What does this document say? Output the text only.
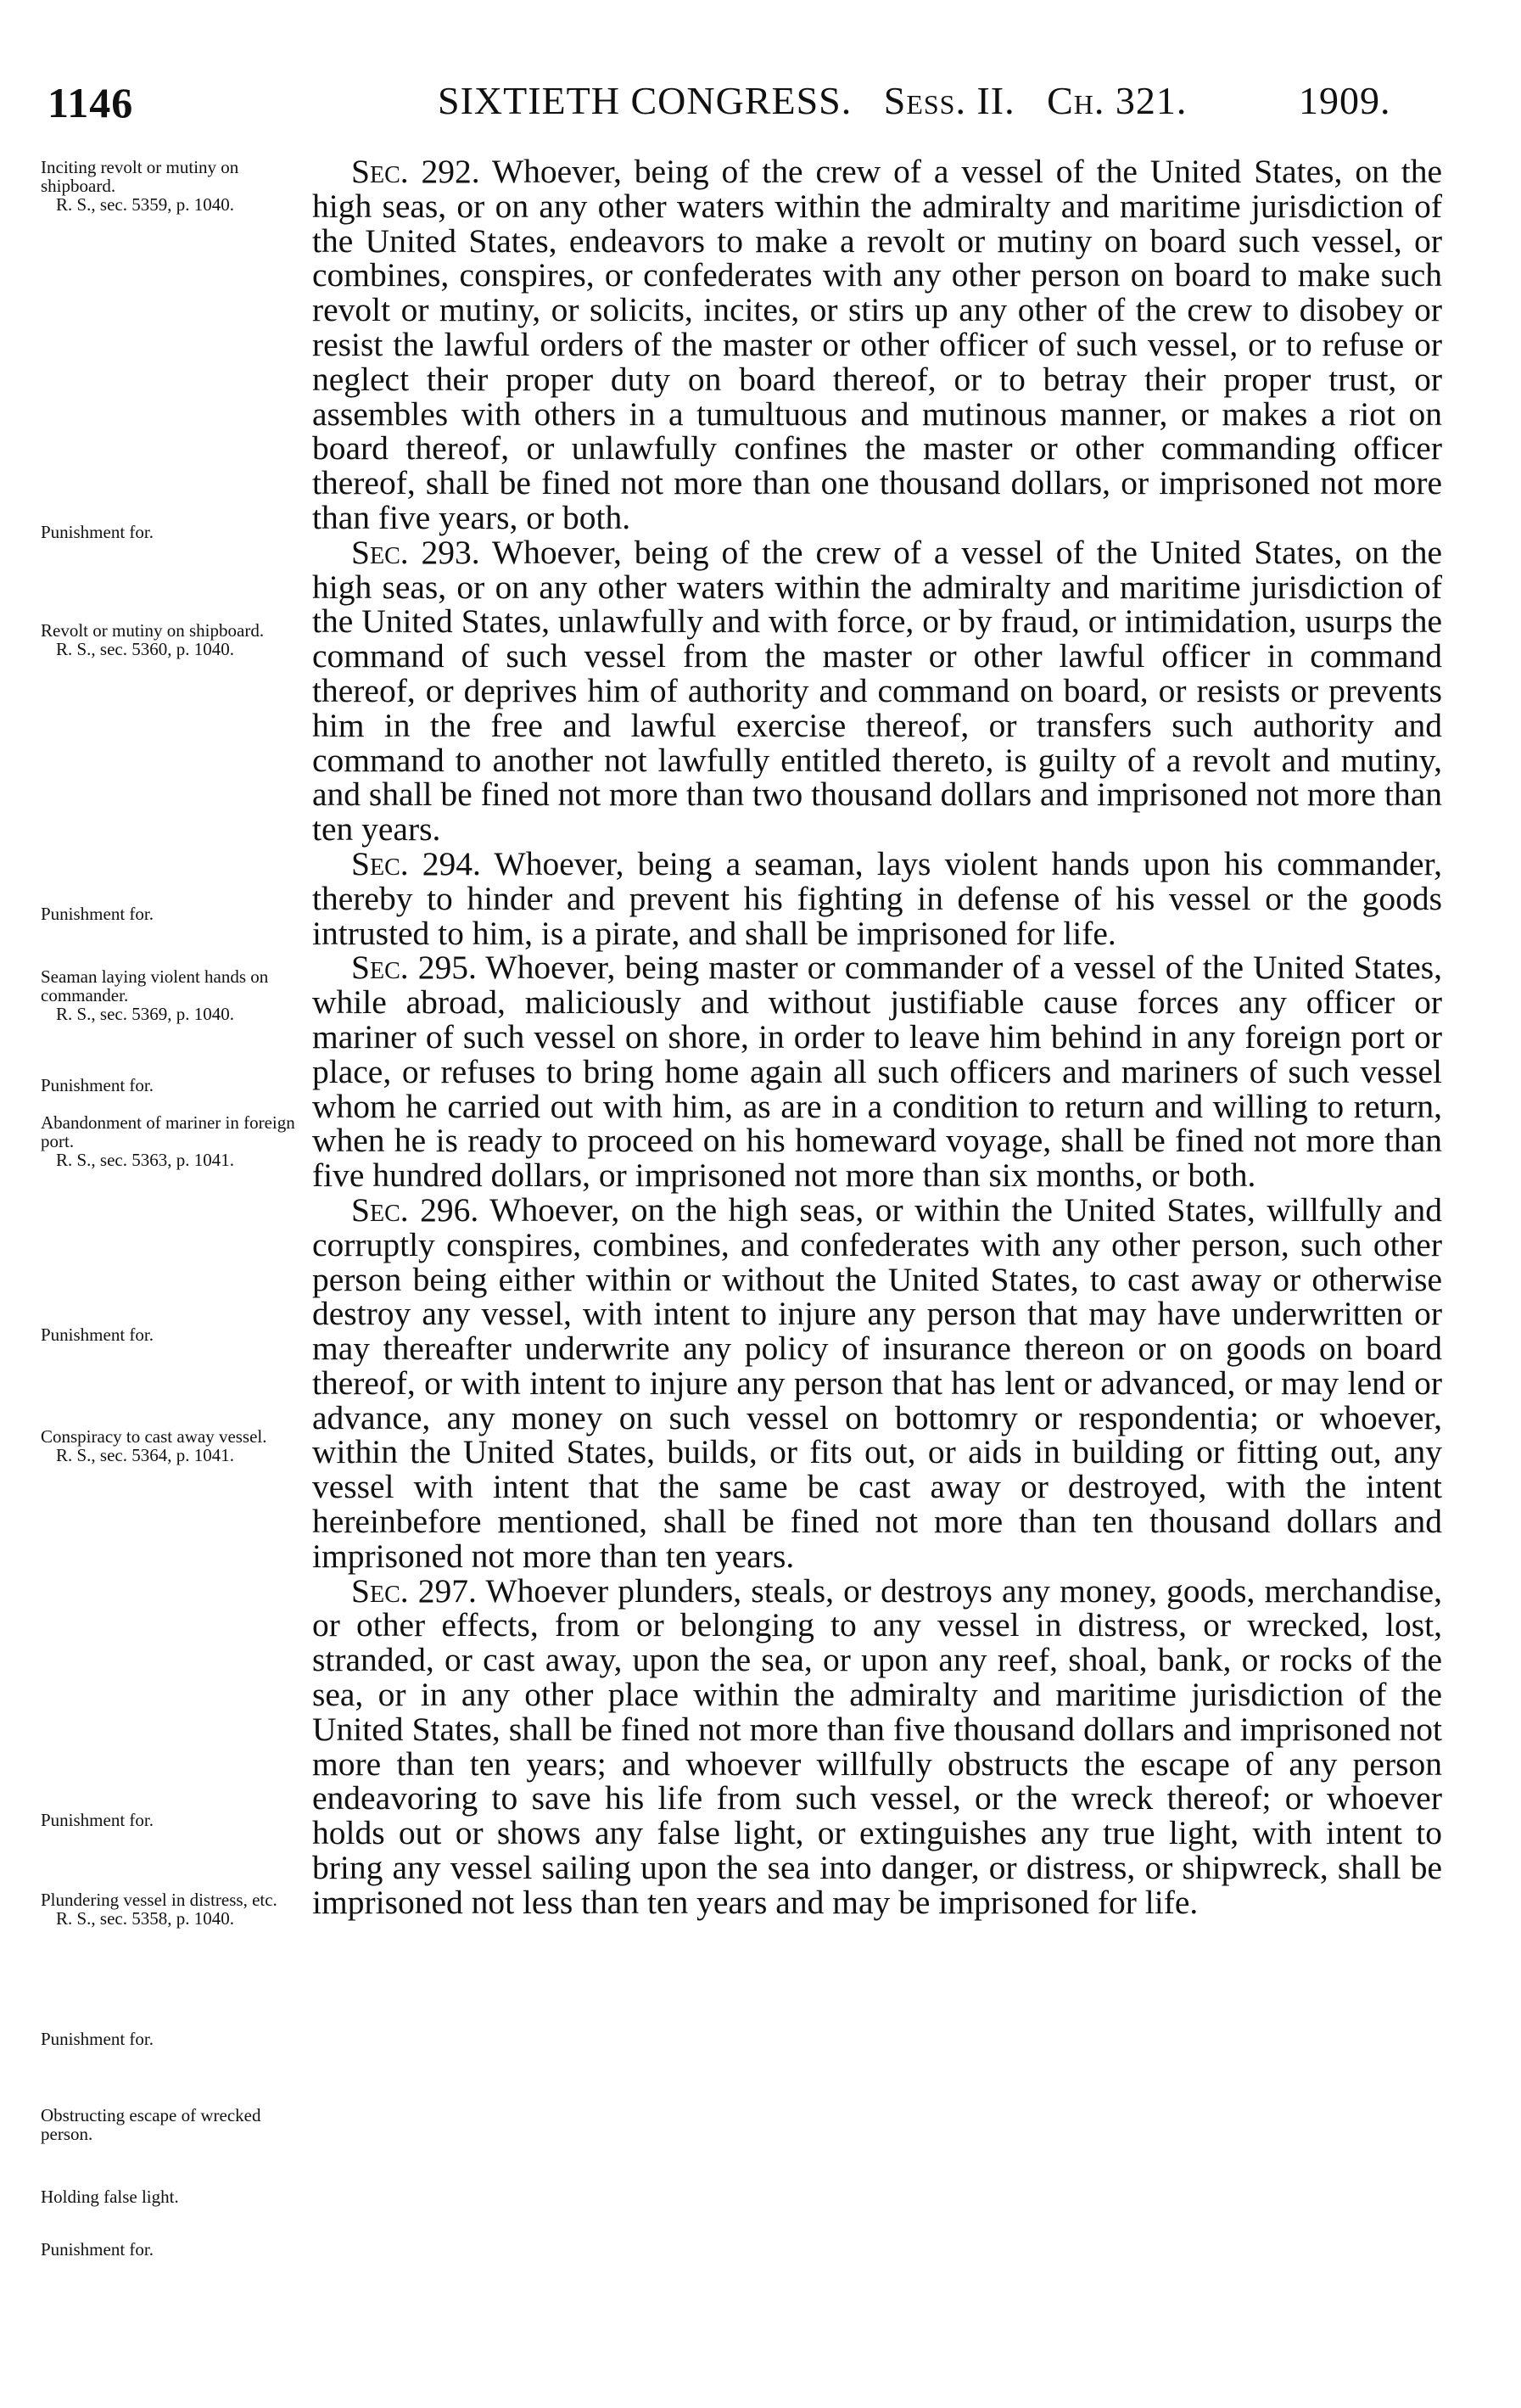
1146	SIXTIETH CONGRESS. Sess. II. Ch. 321.	1909.
Inciting revolt or mutiny on shipboard.
R. S., sec. 5359, p. 1040.
Punishment for.
Revolt or mutiny on shipboard.
R. S., sec. 5360, p. 1040.
Punishment for.
Seaman laying violent hands on commander.
R. S., sec. 5369, p. 1040.
Punishment for.
Abandonment of mariner in foreign port.
R. S., sec. 5363, p. 1041.
Punishment for.
Conspiracy to cast away vessel.
R. S., sec. 5364, p. 1041.
Punishment for.
Plundering vessel in distress, etc.
R. S., sec. 5358, p. 1040.
Punishment for.
Obstructing escape of wrecked person.
Holding false light.
Punishment for.

Sec. 292. Whoever, being of the crew of a vessel of the United States, on the high seas, or on any other waters within the admiralty and maritime jurisdiction of the United States, endeavors to make a revolt or mutiny on board such vessel, or combines, conspires, or confederates with any other person on board to make such revolt or mutiny, or solicits, incites, or stirs up any other of the crew to disobey or resist the lawful orders of the master or other officer of such vessel, or to refuse or neglect their proper duty on board thereof, or to betray their proper trust, or assembles with others in a tumultuous and mutinous manner, or makes a riot on board thereof, or unlawfully confines the master or other commanding officer thereof, shall be fined not more than one thousand dollars, or imprisoned not more than five years, or both.

Sec. 293. Whoever, being of the crew of a vessel of the United States, on the high seas, or on any other waters within the admiralty and maritime jurisdiction of the United States, unlawfully and with force, or by fraud, or intimidation, usurps the command of such vessel from the master or other lawful officer in command thereof, or deprives him of authority and command on board, or resists or prevents him in the free and lawful exercise thereof, or transfers such authority and command to another not lawfully entitled thereto, is guilty of a revolt and mutiny, and shall be fined not more than two thousand dollars and imprisoned not more than ten years.

Sec. 294. Whoever, being a seaman, lays violent hands upon his commander, thereby to hinder and prevent his fighting in defense of his vessel or the goods intrusted to him, is a pirate, and shall be imprisoned for life.

Sec. 295. Whoever, being master or commander of a vessel of the United States, while abroad, maliciously and without justifiable cause forces any officer or mariner of such vessel on shore, in order to leave him behind in any foreign port or place, or refuses to bring home again all such officers and mariners of such vessel whom he carried out with him, as are in a condition to return and willing to return, when he is ready to proceed on his homeward voyage, shall be fined not more than five hundred dollars, or imprisoned not more than six months, or both.

Sec. 296. Whoever, on the high seas, or within the United States, willfully and corruptly conspires, combines, and confederates with any other person, such other person being either within or without the United States, to cast away or otherwise destroy any vessel, with intent to injure any person that may have underwritten or may thereafter underwrite any policy of insurance thereon or on goods on board thereof, or with intent to injure any person that has lent or advanced, or may lend or advance, any money on such vessel on bottomry or respondentia; or whoever, within the United States, builds, or fits out, or aids in building or fitting out, any vessel with intent that the same be cast away or destroyed, with the intent hereinbefore mentioned, shall be fined not more than ten thousand dollars and imprisoned not more than ten years.

Sec. 297. Whoever plunders, steals, or destroys any money, goods, merchandise, or other effects, from or belonging to any vessel in distress, or wrecked, lost, stranded, or cast away, upon the sea, or upon any reef, shoal, bank, or rocks of the sea, or in any other place within the admiralty and maritime jurisdiction of the United States, shall be fined not more than five thousand dollars and imprisoned not more than ten years; and whoever willfully obstructs the escape of any person endeavoring to save his life from such vessel, or the wreck thereof; or whoever holds out or shows any false light, or extinguishes any true light, with intent to bring any vessel sailing upon the sea into danger, or distress, or shipwreck, shall be imprisoned not less than ten years and may be imprisoned for life.
